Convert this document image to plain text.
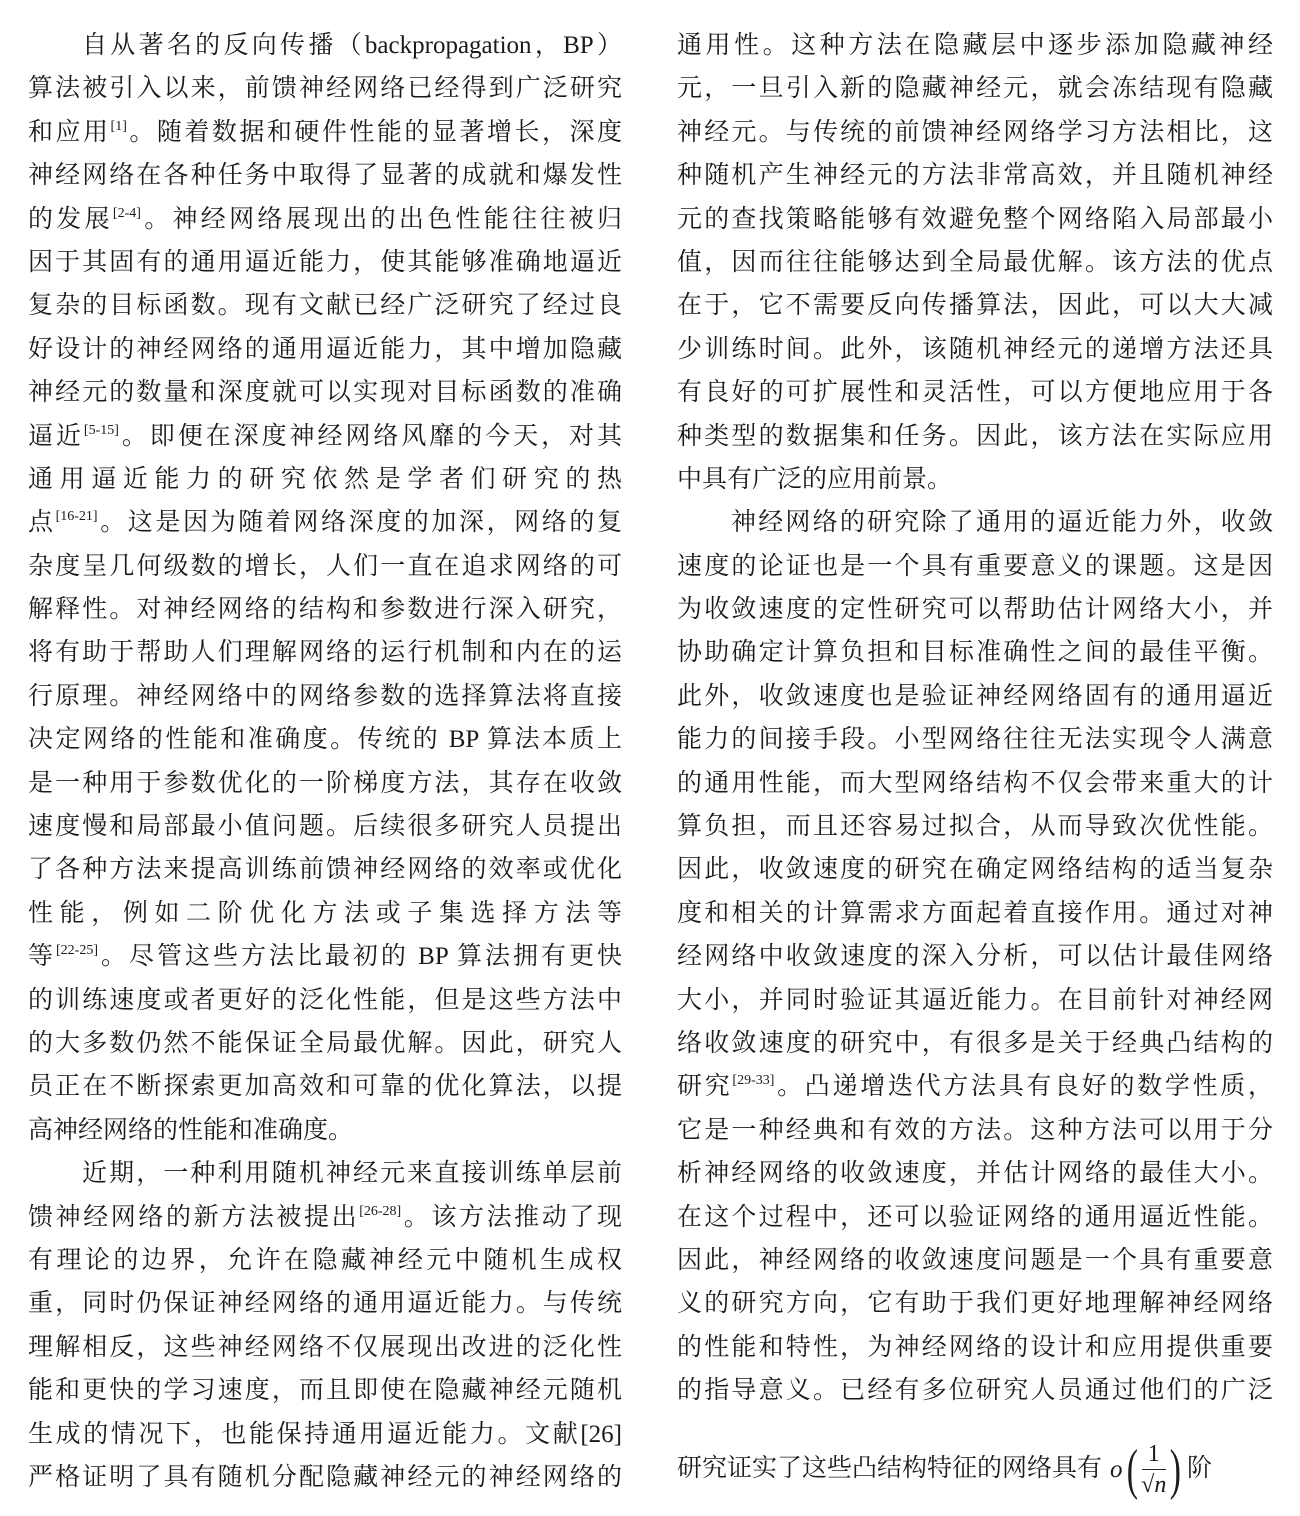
自从著名的反向传播（backpropagation，BP）
算法被引入以来，前馈神经网络已经得到广泛研究
和应用[1]。随着数据和硬件性能的显著增长，深度
神经网络在各种任务中取得了显著的成就和爆发性
的发展[2-4]。神经网络展现出的出色性能往往被归
因于其固有的通用逼近能力，使其能够准确地逼近
复杂的目标函数。现有文献已经广泛研究了经过良
好设计的神经网络的通用逼近能力，其中增加隐藏
神经元的数量和深度就可以实现对目标函数的准确
逼近[5-15]。即便在深度神经网络风靡的今天，对其
通用逼近能力的研究依然是学者们研究的热
点[16-21]。这是因为随着网络深度的加深，网络的复
杂度呈几何级数的增长，人们一直在追求网络的可
解释性。对神经网络的结构和参数进行深入研究，
将有助于帮助人们理解网络的运行机制和内在的运
行原理。神经网络中的网络参数的选择算法将直接
决定网络的性能和准确度。传统的 BP 算法本质上
是一种用于参数优化的一阶梯度方法，其存在收敛
速度慢和局部最小值问题。后续很多研究人员提出
了各种方法来提高训练前馈神经网络的效率或优化
性能，例如二阶优化方法或子集选择方法等
等[22-25]。尽管这些方法比最初的 BP 算法拥有更快
的训练速度或者更好的泛化性能，但是这些方法中
的大多数仍然不能保证全局最优解。因此，研究人
员正在不断探索更加高效和可靠的优化算法，以提
高神经网络的性能和准确度。
近期，一种利用随机神经元来直接训练单层前
馈神经网络的新方法被提出[26-28]。该方法推动了现
有理论的边界，允许在隐藏神经元中随机生成权
重，同时仍保证神经网络的通用逼近能力。与传统
理解相反，这些神经网络不仅展现出改进的泛化性
能和更快的学习速度，而且即使在隐藏神经元随机
生成的情况下，也能保持通用逼近能力。文献[26]
严格证明了具有随机分配隐藏神经元的神经网络的
通用性。这种方法在隐藏层中逐步添加隐藏神经
元，一旦引入新的隐藏神经元，就会冻结现有隐藏
神经元。与传统的前馈神经网络学习方法相比，这
种随机产生神经元的方法非常高效，并且随机神经
元的查找策略能够有效避免整个网络陷入局部最小
值，因而往往能够达到全局最优解。该方法的优点
在于，它不需要反向传播算法，因此，可以大大减
少训练时间。此外，该随机神经元的递增方法还具
有良好的可扩展性和灵活性，可以方便地应用于各
种类型的数据集和任务。因此，该方法在实际应用
中具有广泛的应用前景。
神经网络的研究除了通用的逼近能力外，收敛
速度的论证也是一个具有重要意义的课题。这是因
为收敛速度的定性研究可以帮助估计网络大小，并
协助确定计算负担和目标准确性之间的最佳平衡。
此外，收敛速度也是验证神经网络固有的通用逼近
能力的间接手段。小型网络往往无法实现令人满意
的通用性能，而大型网络结构不仅会带来重大的计
算负担，而且还容易过拟合，从而导致次优性能。
因此，收敛速度的研究在确定网络结构的适当复杂
度和相关的计算需求方面起着直接作用。通过对神
经网络中收敛速度的深入分析，可以估计最佳网络
大小，并同时验证其逼近能力。在目前针对神经网
络收敛速度的研究中，有很多是关于经典凸结构的
研究[29-33]。凸递增迭代方法具有良好的数学性质，
它是一种经典和有效的方法。这种方法可以用于分
析神经网络的收敛速度，并估计网络的最佳大小。
在这个过程中，还可以验证网络的通用逼近性能。
因此，神经网络的收敛速度问题是一个具有重要意
义的研究方向，它有助于我们更好地理解神经网络
的性能和特性，为神经网络的设计和应用提供重要
的指导意义。已经有多位研究人员通过他们的广泛
研究证实了这些凸结构特征的网络具有 o ( $\frac{1}{√n}$ ) 阶
